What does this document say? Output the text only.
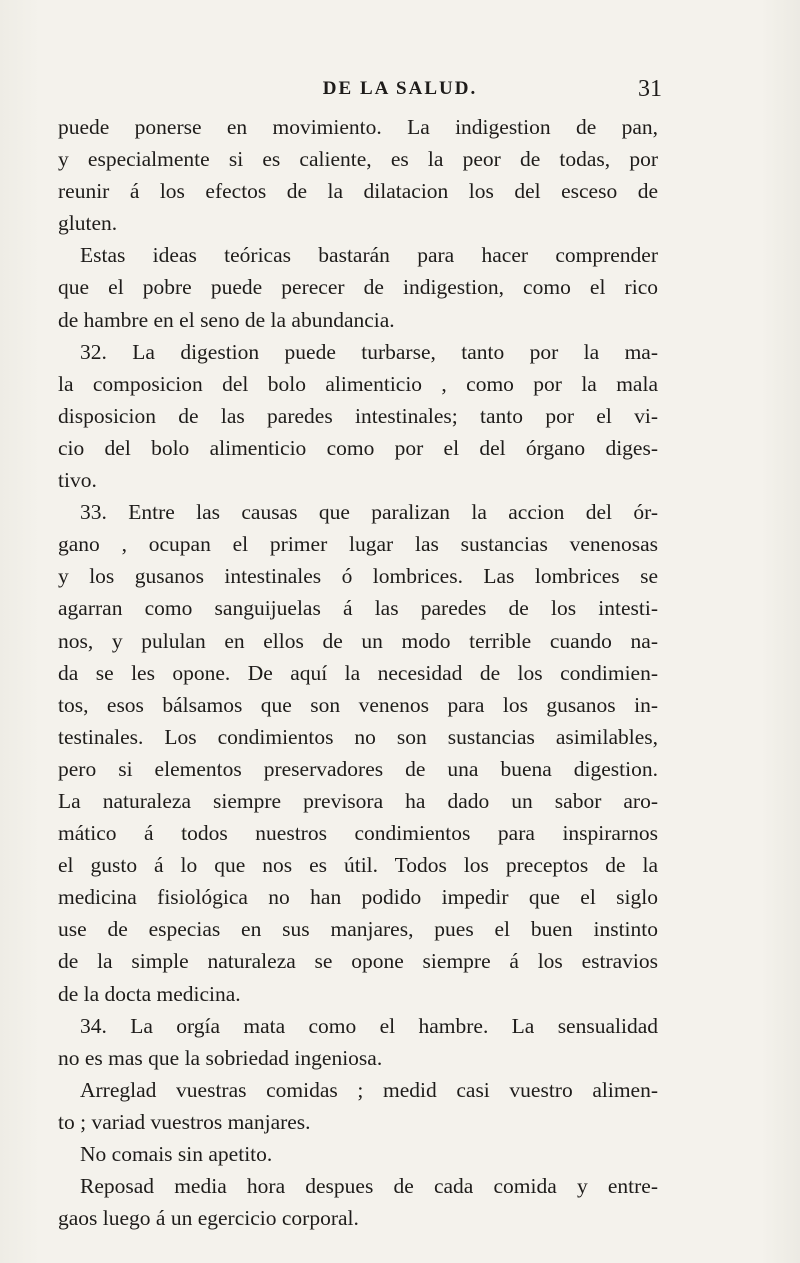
DE LA SALUD.	31
puede ponerse en movimiento. La indigestion de pan,
y especialmente si es caliente, es la peor de todas, por
reunir á los efectos de la dilatacion los del esceso de
gluten.
Estas ideas teóricas bastarán para hacer comprender
que el pobre puede perecer de indigestion, como el rico
de hambre en el seno de la abundancia.
32. La digestion puede turbarse, tanto por la ma-
la composicion del bolo alimenticio , como por la mala
disposicion de las paredes intestinales; tanto por el vi-
cio del bolo alimenticio como por el del órgano diges-
tivo.
33. Entre las causas que paralizan la accion del ór-
gano , ocupan el primer lugar las sustancias venenosas
y los gusanos intestinales ó lombrices. Las lombrices se
agarran como sanguijuelas á las paredes de los intesti-
nos, y pululan en ellos de un modo terrible cuando na-
da se les opone. De aquí la necesidad de los condimien-
tos, esos bálsamos que son venenos para los gusanos in-
testinales. Los condimientos no son sustancias asimilables,
pero si elementos preservadores de una buena digestion.
La naturaleza siempre previsora ha dado un sabor aro-
mático á todos nuestros condimientos para inspirarnos
el gusto á lo que nos es útil. Todos los preceptos de la
medicina fisiológica no han podido impedir que el siglo
use de especias en sus manjares, pues el buen instinto
de la simple naturaleza se opone siempre á los estravios
de la docta medicina.
34. La orgía mata como el hambre. La sensualidad
no es mas que la sobriedad ingeniosa.
Arreglad vuestras comidas ; medid casi vuestro alimen-
to ; variad vuestros manjares.
No comais sin apetito.
Reposad media hora despues de cada comida y entre-
gaos luego á un egercicio corporal.
